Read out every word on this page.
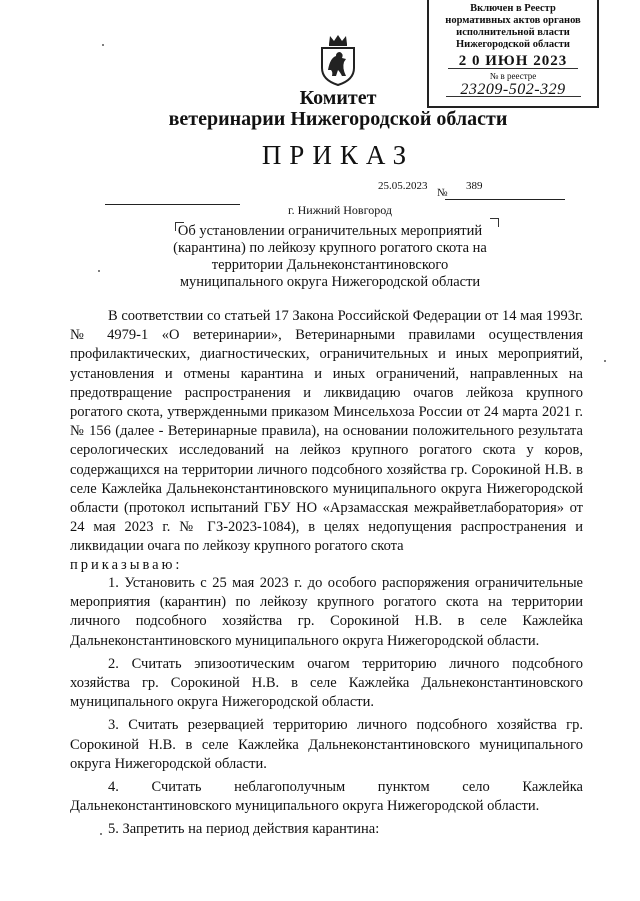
Включен в Реестр
нормативных актов органов
исполнительной власти
Нижегородской области
2 0 ИЮН 2023
№ в реестре
23209-502-329
Комитет
ветеринарии Нижегородской области
ПРИКАЗ
25.05.2023
№
389
г. Нижний Новгород
Об установлении ограничительных мероприятий (карантина) по лейкозу крупного рогатого скота на территории Дальнеконстантиновского муниципального округа Нижегородской области

В соответствии со статьей 17 Закона Российской Федерации от 14 мая 1993г. № 4979-1 «О ветеринарии», Ветеринарными правилами осуществления профилактических, диагностических, ограничительных и иных мероприятий, установления и отмены карантина и иных ограничений, направленных на предотвращение распространения и ликвидацию очагов лейкоза крупного рогатого скота, утвержденными приказом Минсельхоза России от 24 марта 2021 г. № 156 (далее - Ветеринарные правила), на основании положительного результата серологических исследований на лейкоз крупного рогатого скота у коров, содержащихся на территории личного подсобного хозяйства гр. Сорокиной Н.В. в селе Кажлейка Дальнеконстантиновского муниципального округа Нижегородской области (протокол испытаний ГБУ НО «Арзамасская межрайветлаборатория» от 24 мая 2023 г. № ГЗ-2023-1084), в целях недопущения распространения и ликвидации очага по лейкозу крупного рогатого скота

приказываю:

1. Установить с 25 мая 2023 г. до особого распоряжения ограничительные мероприятия (карантин) по лейкозу крупного рогатого скота на территории личного подсобного хозяйства гр. Сорокиной Н.В. в селе Кажлейка Дальнеконстантиновского муниципального округа Нижегородской области.

2. Считать эпизоотическим очагом территорию личного подсобного хозяйства гр. Сорокиной Н.В. в селе Кажлейка Дальнеконстантиновского муниципального округа Нижегородской области.

3. Считать резервацией территорию личного подсобного хозяйства гр. Сорокиной Н.В. в селе Кажлейка Дальнеконстантиновского муниципального округа Нижегородской области.

4. Считать неблагополучным пунктом село Кажлейка Дальнеконстантиновского муниципального округа Нижегородской области.

5. Запретить на период действия карантина:
